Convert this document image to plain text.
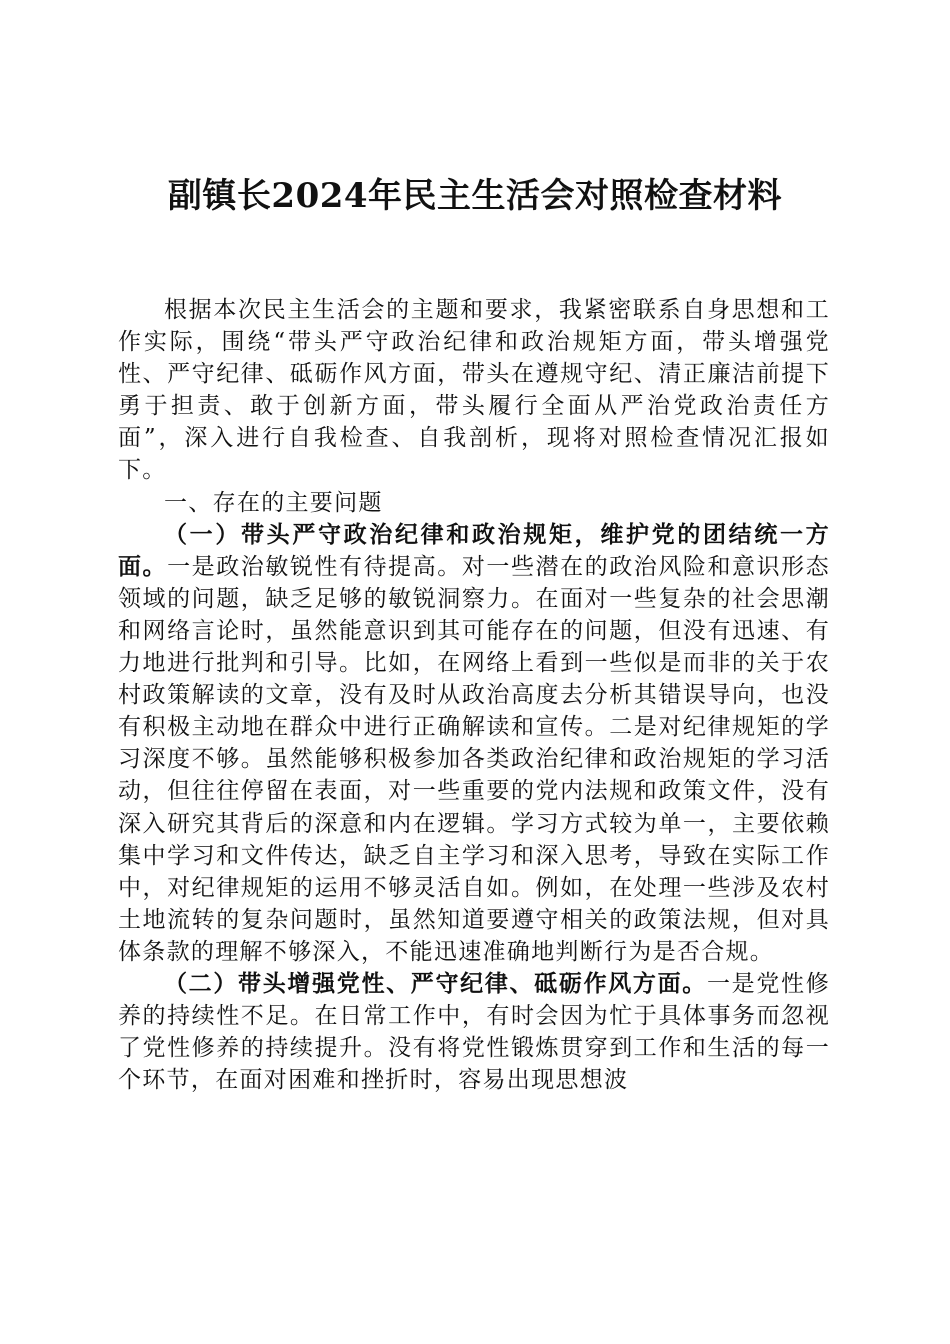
副镇长2024年民主生活会对照检查材料

根据本次民主生活会的主题和要求，我紧密联系自身思想和工作实际，围绕“带头严守政治纪律和政治规矩方面，带头增强党性、严守纪律、砥砺作风方面，带头在遵规守纪、清正廉洁前提下勇于担责、敢于创新方面，带头履行全面从严治党政治责任方面”，深入进行自我检查、自我剖析，现将对照检查情况汇报如下。

一、存在的主要问题

（一）带头严守政治纪律和政治规矩，维护党的团结统一方面。一是政治敏锐性有待提高。对一些潜在的政治风险和意识形态领域的问题，缺乏足够的敏锐洞察力。在面对一些复杂的社会思潮和网络言论时，虽然能意识到其可能存在的问题，但没有迅速、有力地进行批判和引导。比如，在网络上看到一些似是而非的关于农村政策解读的文章，没有及时从政治高度去分析其错误导向，也没有积极主动地在群众中进行正确解读和宣传。二是对纪律规矩的学习深度不够。虽然能够积极参加各类政治纪律和政治规矩的学习活动，但往往停留在表面，对一些重要的党内法规和政策文件，没有深入研究其背后的深意和内在逻辑。学习方式较为单一，主要依赖集中学习和文件传达，缺乏自主学习和深入思考，导致在实际工作中，对纪律规矩的运用不够灵活自如。例如，在处理一些涉及农村土地流转的复杂问题时，虽然知道要遵守相关的政策法规，但对具体条款的理解不够深入，不能迅速准确地判断行为是否合规。

（二）带头增强党性、严守纪律、砥砺作风方面。一是党性修养的持续性不足。在日常工作中，有时会因为忙于具体事务而忽视了党性修养的持续提升。没有将党性锻炼贯穿到工作和生活的每一个环节，在面对困难和挫折时，容易出现思想波
